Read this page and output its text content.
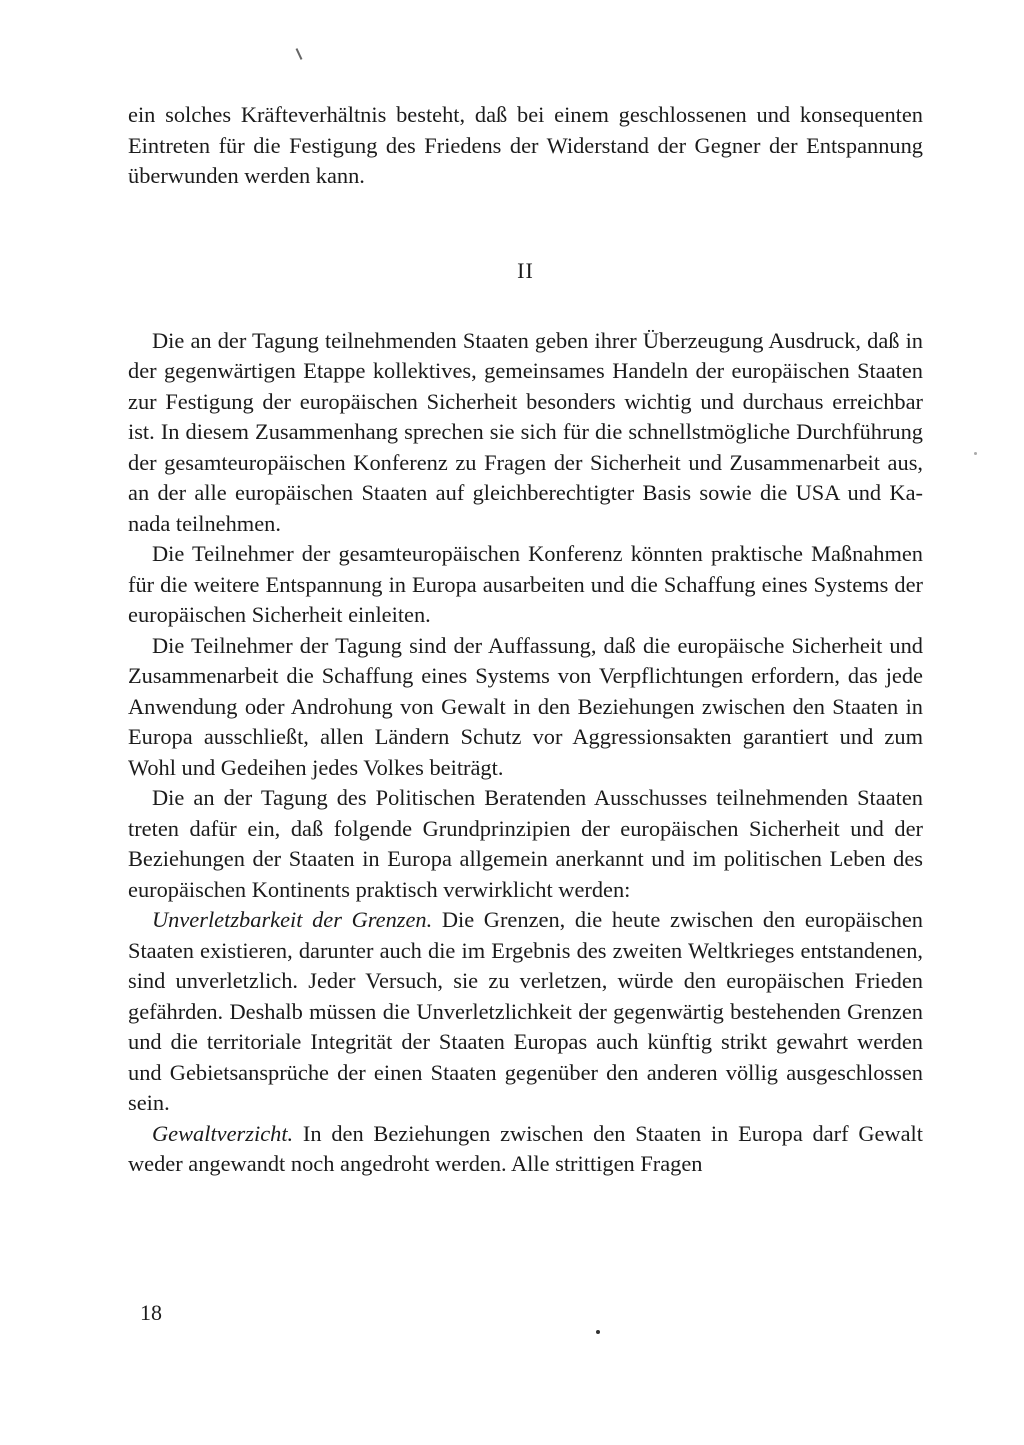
ein solches Kräfteverhältnis besteht, daß bei einem geschlossenen und konsequenten Eintreten für die Festigung des Friedens der Widerstand der Gegner der Entspannung überwunden werden kann.

II

Die an der Tagung teilnehmenden Staaten geben ihrer Überzeugung Ausdruck, daß in der gegenwärtigen Etappe kollektives, gemeinsames Handeln der europäischen Staaten zur Festigung der europäischen Sicherheit besonders wichtig und durchaus erreichbar ist. In diesem Zusammenhang sprechen sie sich für die schnellstmögliche Durchführung der gesamteuropäischen Konferenz zu Fragen der Sicherheit und Zusammenarbeit aus, an der alle europäischen Staaten auf gleichberechtigter Basis sowie die USA und Kanada teilnehmen.

Die Teilnehmer der gesamteuropäischen Konferenz könnten praktische Maßnahmen für die weitere Entspannung in Europa ausarbeiten und die Schaffung eines Systems der europäischen Sicherheit einleiten.

Die Teilnehmer der Tagung sind der Auffassung, daß die europäische Sicherheit und Zusammenarbeit die Schaffung eines Systems von Verpflichtungen erfordern, das jede Anwendung oder Androhung von Gewalt in den Beziehungen zwischen den Staaten in Europa ausschließt, allen Ländern Schutz vor Aggressionsakten garantiert und zum Wohl und Gedeihen jedes Volkes beiträgt.

Die an der Tagung des Politischen Beratenden Ausschusses teilnehmenden Staaten treten dafür ein, daß folgende Grundprinzipien der europäischen Sicherheit und der Beziehungen der Staaten in Europa allgemein anerkannt und im politischen Leben des europäischen Kontinents praktisch verwirklicht werden:

Unverletzbarkeit der Grenzen. Die Grenzen, die heute zwischen den europäischen Staaten existieren, darunter auch die im Ergebnis des zweiten Weltkrieges entstandenen, sind unverletzlich. Jeder Versuch, sie zu verletzen, würde den europäischen Frieden gefährden. Deshalb müssen die Unverletzlichkeit der gegenwärtig bestehenden Grenzen und die territoriale Integrität der Staaten Europas auch künftig strikt gewahrt werden und Gebietsansprüche der einen Staaten gegenüber den anderen völlig ausgeschlossen sein.

Gewaltverzicht. In den Beziehungen zwischen den Staaten in Europa darf Gewalt weder angewandt noch angedroht werden. Alle strittigen Fragen

18
